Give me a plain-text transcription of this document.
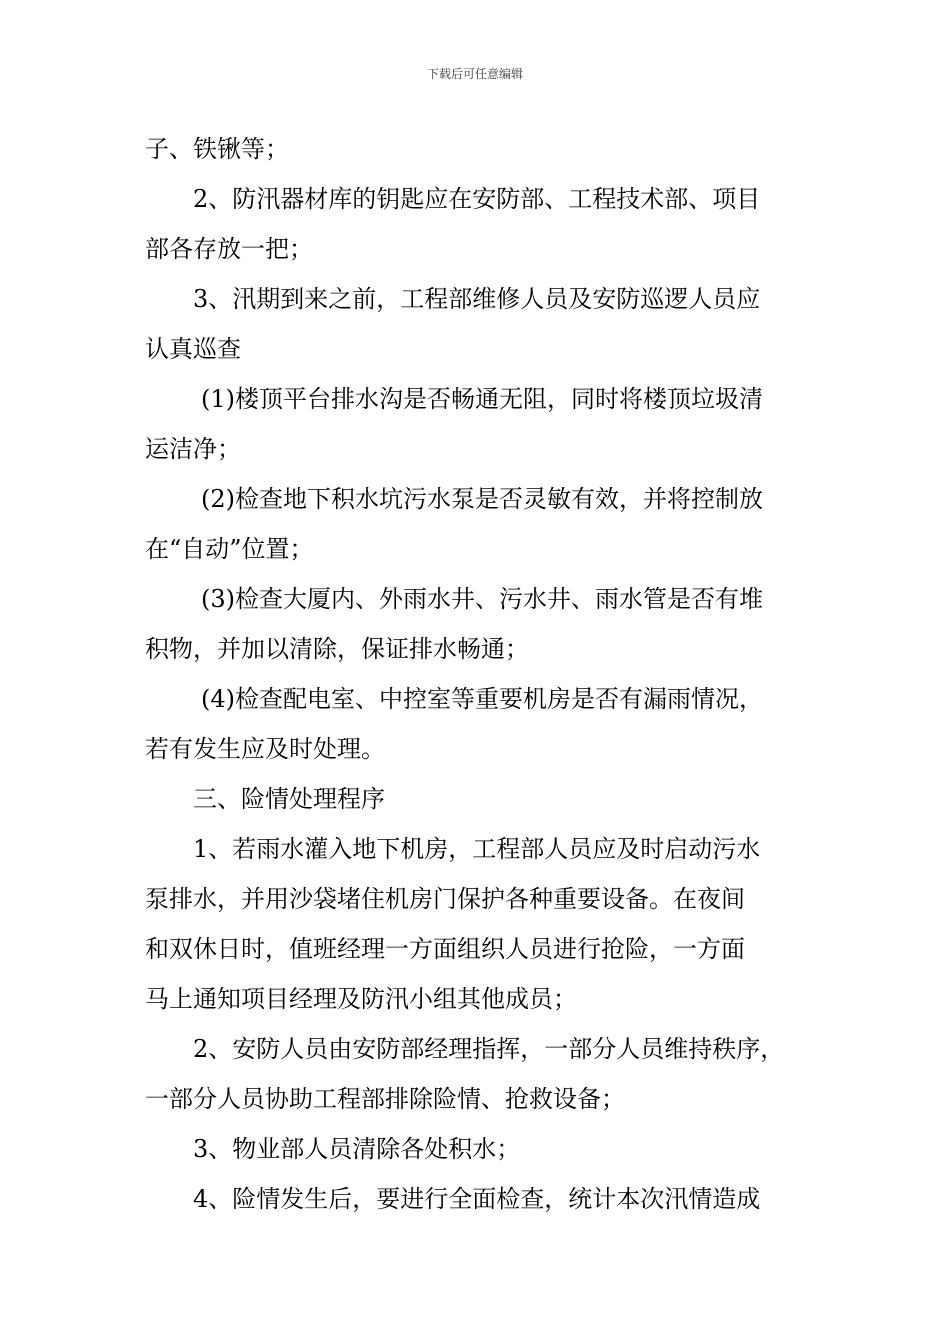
下载后可任意编辑
子、铁锹等；
2、防汛器材库的钥匙应在安防部、工程技术部、项目
部各存放一把；
3、汛期到来之前，工程部维修人员及安防巡逻人员应
认真巡查
(1)楼顶平台排水沟是否畅通无阻，同时将楼顶垃圾清
运洁净；
(2)检查地下积水坑污水泵是否灵敏有效，并将控制放
在“自动”位置；
(3)检查大厦内、外雨水井、污水井、雨水管是否有堆
积物，并加以清除，保证排水畅通；
(4)检查配电室、中控室等重要机房是否有漏雨情况，
若有发生应及时处理。
三、险情处理程序
1、若雨水灌入地下机房，工程部人员应及时启动污水
泵排水，并用沙袋堵住机房门保护各种重要设备。在夜间
和双休日时，值班经理一方面组织人员进行抢险，一方面
马上通知项目经理及防汛小组其他成员；
2、安防人员由安防部经理指挥，一部分人员维持秩序，
一部分人员协助工程部排除险情、抢救设备；
3、物业部人员清除各处积水；
4、险情发生后，要进行全面检查，统计本次汛情造成
